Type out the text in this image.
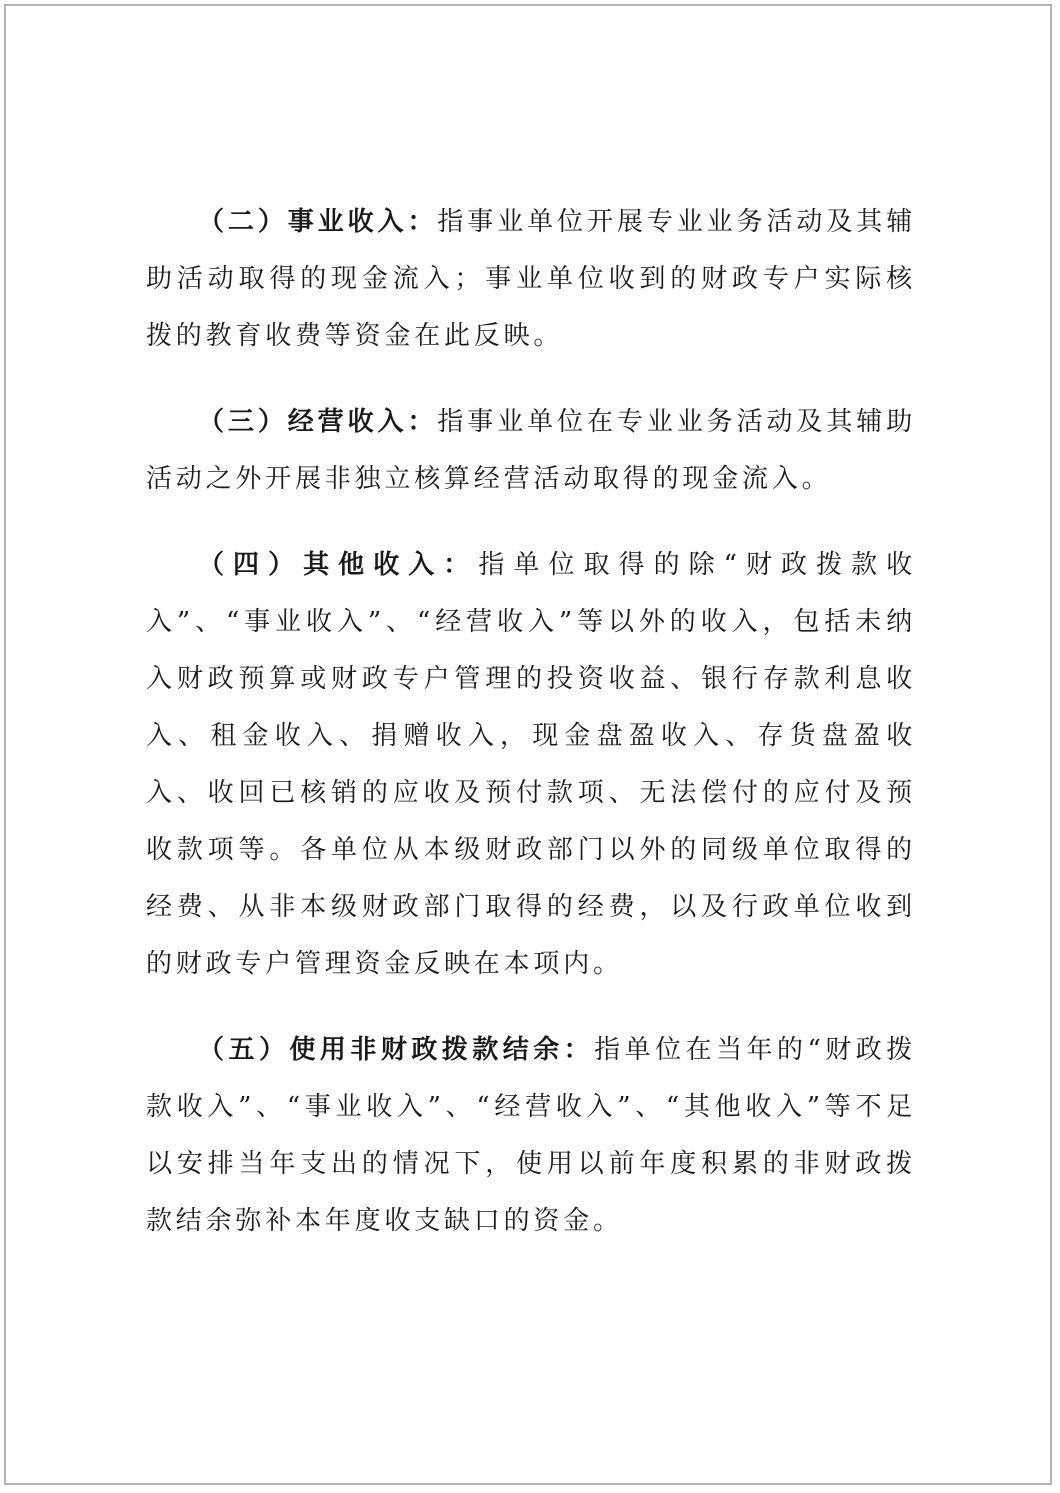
（二）事业收入：指事业单位开展专业业务活动及其辅助活动取得的现金流入；事业单位收到的财政专户实际核拨的教育收费等资金在此反映。

（三）经营收入：指事业单位在专业业务活动及其辅助活动之外开展非独立核算经营活动取得的现金流入。

（四）其他收入：指单位取得的除“财政拨款收入”、“事业收入”、“经营收入”等以外的收入，包括未纳入财政预算或财政专户管理的投资收益、银行存款利息收入、租金收入、捐赠收入，现金盘盈收入、存货盘盈收入、收回已核销的应收及预付款项、无法偿付的应付及预收款项等。各单位从本级财政部门以外的同级单位取得的经费、从非本级财政部门取得的经费，以及行政单位收到的财政专户管理资金反映在本项内。

（五）使用非财政拨款结余：指单位在当年的“财政拨款收入”、“事业收入”、“经营收入”、“其他收入”等不足以安排当年支出的情况下，使用以前年度积累的非财政拨款结余弥补本年度收支缺口的资金。
